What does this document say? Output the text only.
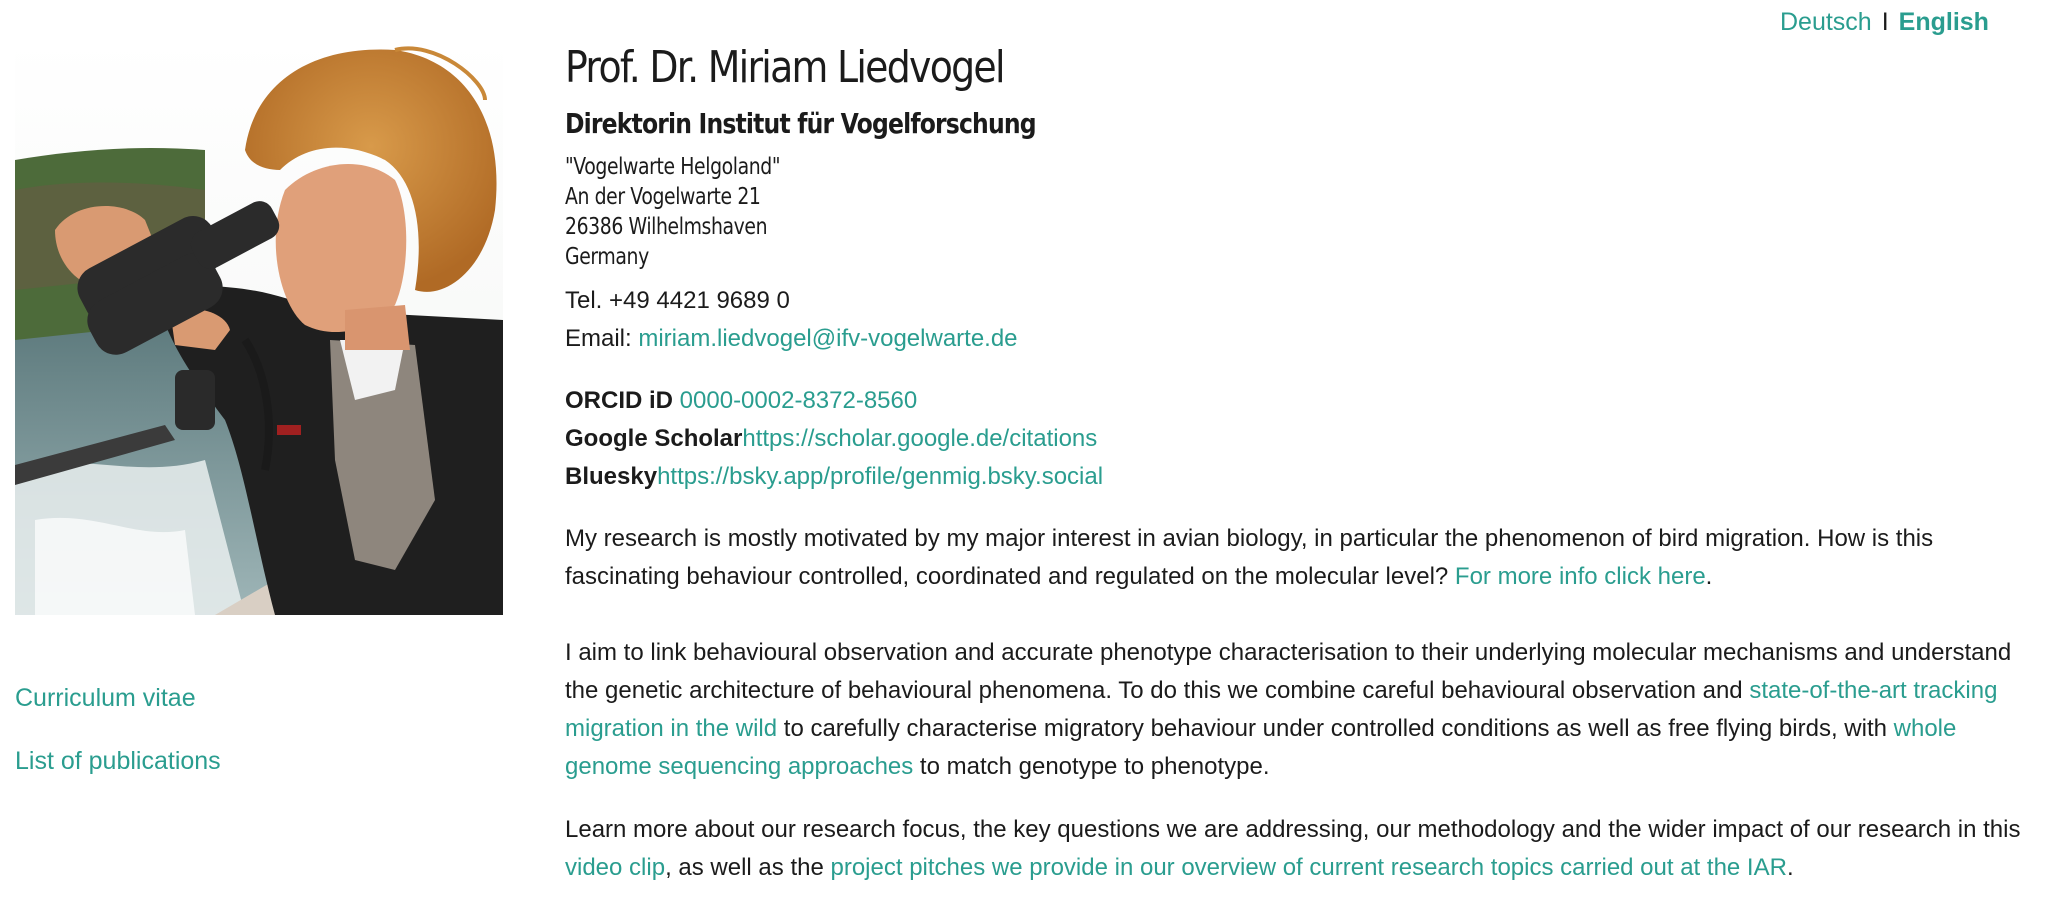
Deutsch I English
Curriculum vitae
List of publications
Prof. Dr. Miriam Liedvogel
Direktorin Institut für Vogelforschung
"Vogelwarte Helgoland"
An der Vogelwarte 21
26386 Wilhelmshaven
Germany
Tel. +49 4421 9689 0
Email: miriam.liedvogel@ifv-vogelwarte.de
ORCID iD 0000-0002-8372-8560
Google Scholarhttps://scholar.google.de/citations
Blueskyhttps://bsky.app/profile/genmig.bsky.social

My research is mostly motivated by my major interest in avian biology, in particular the phenomenon of bird migration. How is this fascinating behaviour controlled, coordinated and regulated on the molecular level? For more info click here.

I aim to link behavioural observation and accurate phenotype characterisation to their underlying molecular mechanisms and understand the genetic architecture of behavioural phenomena. To do this we combine careful behavioural observation and state-of-the-art tracking migration in the wild to carefully characterise migratory behaviour under controlled conditions as well as free flying birds, with whole genome sequencing approaches to match genotype to phenotype.

Learn more about our research focus, the key questions we are addressing, our methodology and the wider impact of our research in this video clip, as well as the project pitches we provide in our overview of current research topics carried out at the IAR.
